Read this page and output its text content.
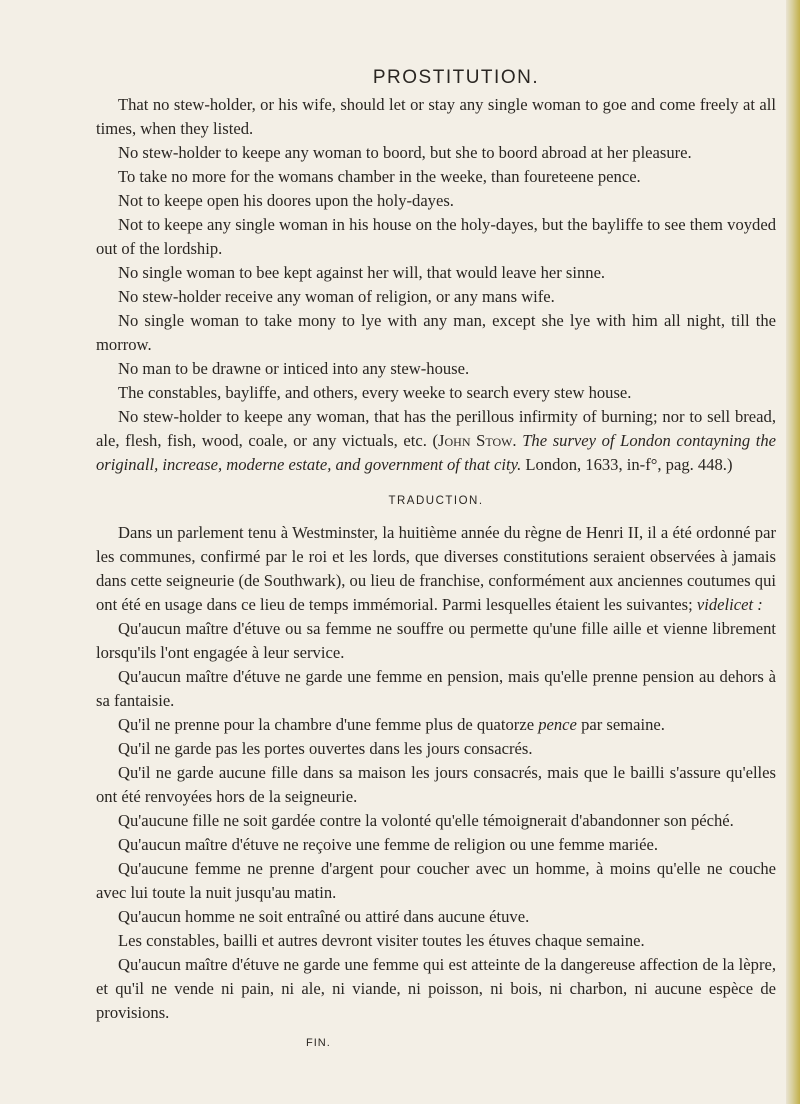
PROSTITUTION.

That no stew-holder, or his wife, should let or stay any single woman to goe and come freely at all times, when they listed.

No stew-holder to keepe any woman to boord, but she to boord abroad at her pleasure.

To take no more for the womans chamber in the weeke, than foureteene pence.

Not to keepe open his doores upon the holy-dayes.

Not to keepe any single woman in his house on the holy-dayes, but the bayliffe to see them voyded out of the lordship.

No single woman to bee kept against her will, that would leave her sinne.

No stew-holder receive any woman of religion, or any mans wife.

No single woman to take mony to lye with any man, except she lye with him all night, till the morrow.

No man to be drawne or inticed into any stew-house.

The constables, bayliffe, and others, every weeke to search every stew house.

No stew-holder to keepe any woman, that has the perillous infirmity of burning; nor to sell bread, ale, flesh, fish, wood, coale, or any victuals, etc. (John Stow. The survey of London contayning the originall, increase, moderne estate, and government of that city. London, 1633, in-f°, pag. 448.)

TRADUCTION.

Dans un parlement tenu à Westminster, la huitième année du règne de Henri II, il a été ordonné par les communes, confirmé par le roi et les lords, que diverses constitutions seraient observées à jamais dans cette seigneurie (de Southwark), ou lieu de franchise, conformément aux anciennes coutumes qui ont été en usage dans ce lieu de temps immémorial. Parmi lesquelles étaient les suivantes; videlicet :

Qu'aucun maître d'étuve ou sa femme ne souffre ou permette qu'une fille aille et vienne librement lorsqu'ils l'ont engagée à leur service.

Qu'aucun maître d'étuve ne garde une femme en pension, mais qu'elle prenne pension au dehors à sa fantaisie.

Qu'il ne prenne pour la chambre d'une femme plus de quatorze pence par semaine.

Qu'il ne garde pas les portes ouvertes dans les jours consacrés.

Qu'il ne garde aucune fille dans sa maison les jours consacrés, mais que le bailli s'assure qu'elles ont été renvoyées hors de la seigneurie.

Qu'aucune fille ne soit gardée contre la volonté qu'elle témoignerait d'abandonner son péché.

Qu'aucun maître d'étuve ne reçoive une femme de religion ou une femme mariée.

Qu'aucune femme ne prenne d'argent pour coucher avec un homme, à moins qu'elle ne couche avec lui toute la nuit jusqu'au matin.

Qu'aucun homme ne soit entraîné ou attiré dans aucune étuve.

Les constables, bailli et autres devront visiter toutes les étuves chaque semaine.

Qu'aucun maître d'étuve ne garde une femme qui est atteinte de la dangereuse affection de la lèpre, et qu'il ne vende ni pain, ni ale, ni viande, ni poisson, ni bois, ni charbon, ni aucune espèce de provisions.

FIN.
